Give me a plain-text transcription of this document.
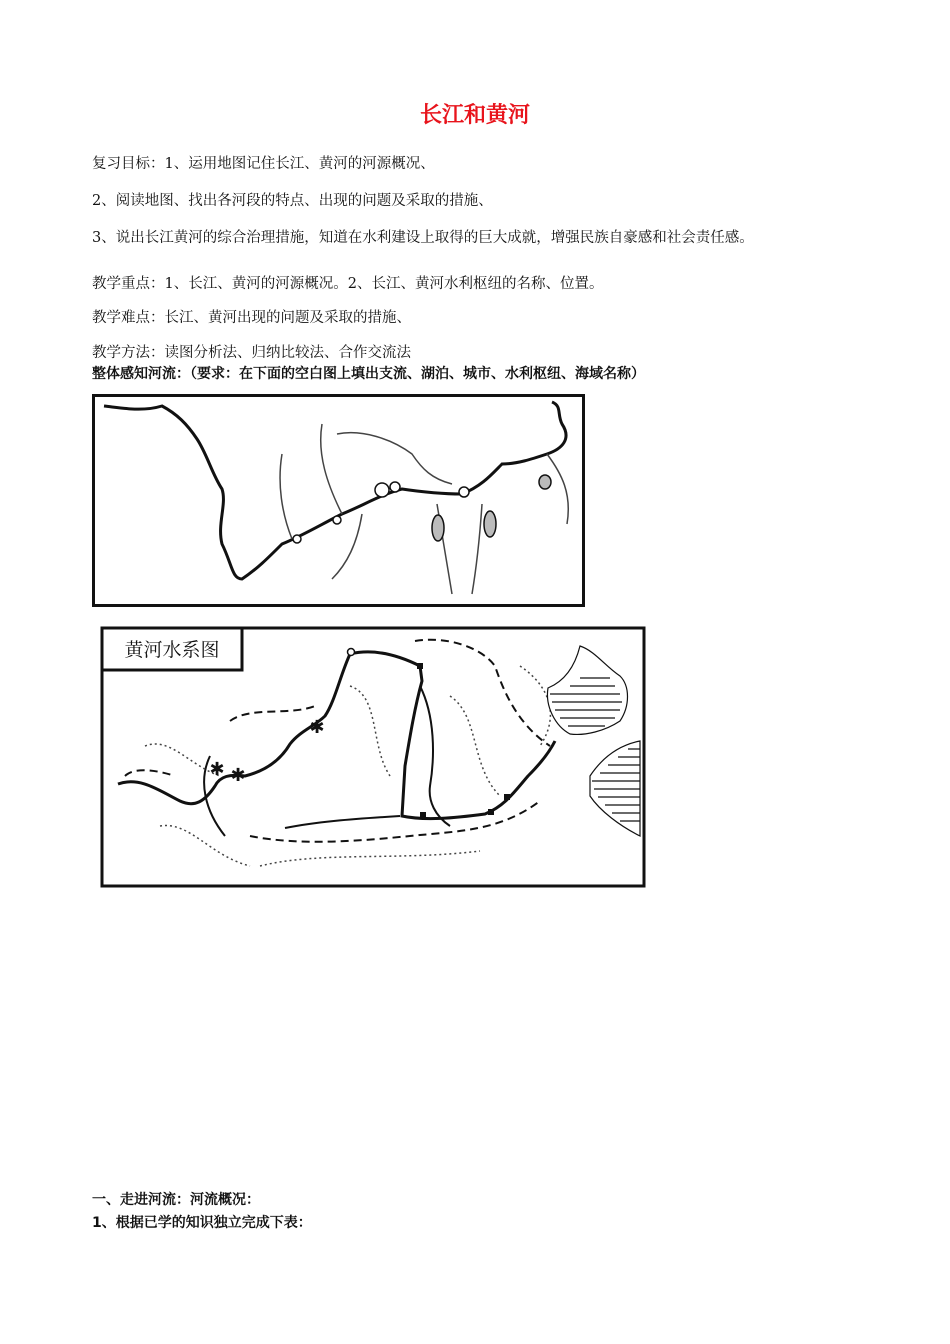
长江和黄河
复习目标：1、运用地图记住长江、黄河的河源概况、
2、阅读地图、找出各河段的特点、出现的问题及采取的措施、
3、说出长江黄河的综合治理措施，知道在水利建设上取得的巨大成就，增强民族自豪感和社会责任感。
教学重点：1、长江、黄河的河源概况。2、长江、黄河水利枢纽的名称、位置。
教学难点：长江、黄河出现的问题及采取的措施、
教学方法：读图分析法、归纳比较法、合作交流法
整体感知河流：（要求：在下面的空白图上填出支流、湖泊、城市、水利枢纽、海域名称）
黄河水系图
✱ ✱
✱
一、走进河流：河流概况：
1、根据已学的知识独立完成下表：
